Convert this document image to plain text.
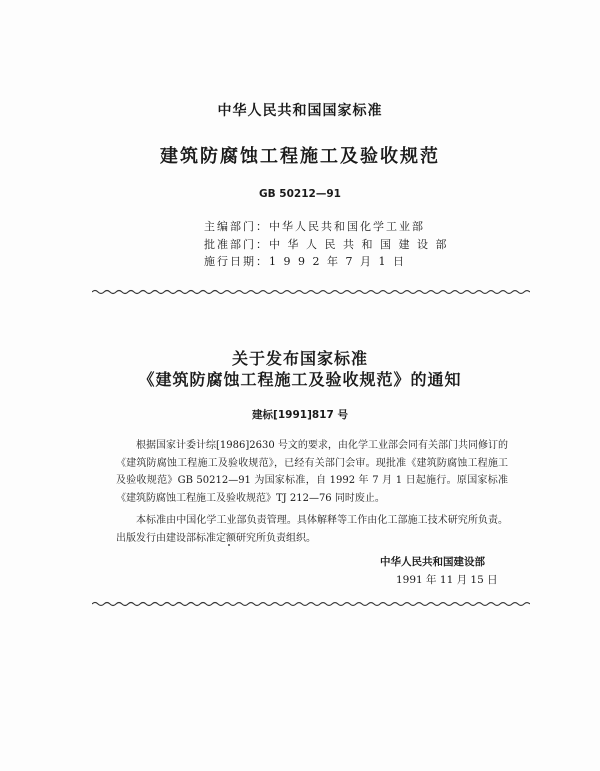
中华人民共和国国家标准
建筑防腐蚀工程施工及验收规范
GB 50212—91
主编部门：中华人民共和国化学工业部
批准部门：中 华 人 民 共 和 国 建 设 部
施行日期：1 9 9 2 年 7 月 1 日
关于发布国家标准
《建筑防腐蚀工程施工及验收规范》的通知
建标[1991]817 号

根据国家计委计综[1986]2630 号文的要求，由化学工业部会同有关部门共同修订的《建筑防腐蚀工程施工及验收规范》，已经有关部门会审。现批准《建筑防腐蚀工程施工及验收规范》GB 50212—91 为国家标准，自 1992 年 7 月 1 日起施行。原国家标准《建筑防腐蚀工程施工及验收规范》TJ 212—76 同时废止。

本标准由中国化学工业部负责管理。具体解释等工作由化工部施工技术研究所负责。出版发行由建设部标准定额研究所负责组织。

中华人民共和国建设部
1991 年 11 月 15 日
